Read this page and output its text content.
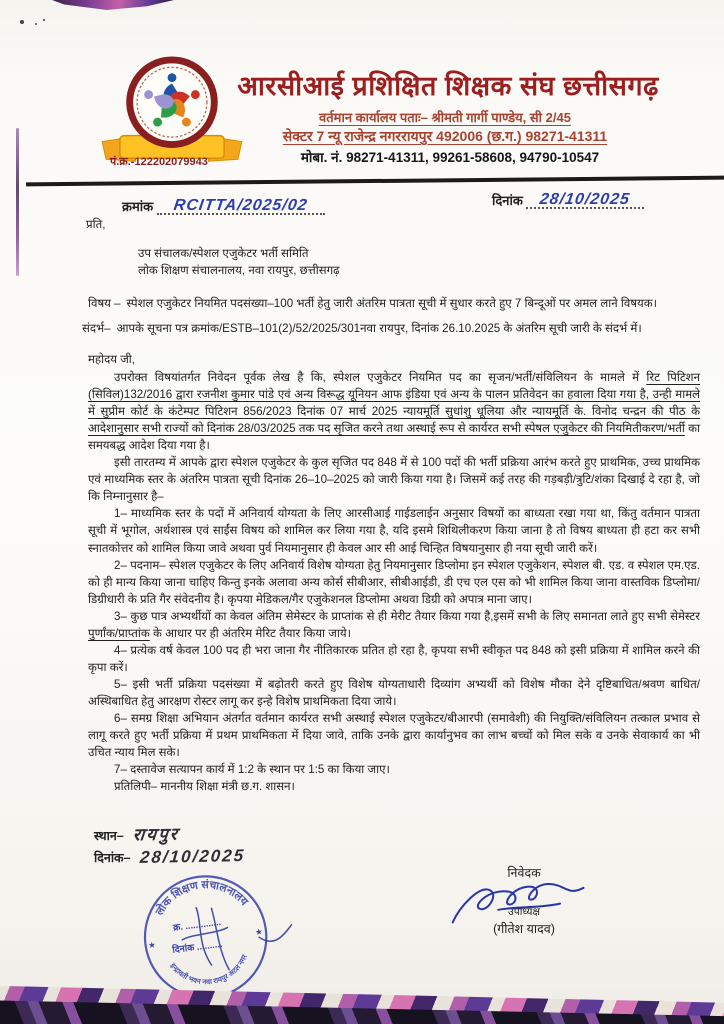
आरसीआई प्रशिक्षित शिक्षक संघ छत्तीसगढ़
वर्तमान कार्यालय पताः– श्रीमती गार्गी पाण्डेय, सी 2/45
सेक्टर 7 न्यू राजेन्द्र नगररायपुर 492006 (छ.ग.) 98271-41311
पं.क्र.-122202079943	मोबा. नं. 98271-41311, 99261-58608, 94790-10547
क्रमांक RCITTA/2025/02	दिनांक 28/10/2025
प्रति,
उप संचालक/स्पेशल एजुकेटर भर्ती समिति
लोक शिक्षण संचालनालय, नवा रायपुर, छत्तीसगढ़
विषय – स्पेशल एजुकेटर नियमित पदसंख्या–100 भर्ती हेतु जारी अंतरिम पात्रता सूची में सुधार करते हुए 7 बिन्दूओं पर अमल लाने विषयक।
संदर्भ– आपके सूचना पत्र क्रमांक/ESTB–101(2)/52/2025/301नवा रायपुर, दिनांक 26.10.2025 के अंतरिम सूची जारी के संदर्भ में।
महोदय जी,

उपरोक्त विषयांतर्गत निवेदन पूर्वक लेख है कि, स्पेशल एजुकेटर नियमित पद का सृजन/भर्ती/संविलियन के मामले में रिट पिटिशन (सिविल)132/2016 द्वारा रजनीश कुमार पांडे एवं अन्य विरूद्ध यूनियन आफ इंडिया एवं अन्य के पालन प्रतिवेदन का हवाला दिया गया है, उन्ही मामले में सुप्रीम कोर्ट के कंटेम्पट पिटिशन 856/2023 दिनांक 07 मार्च 2025 न्यायमूर्ति सुधांशु धूलिया और न्यायमूर्ति के. विनोद चन्द्रन की पीठ के आदेशानुसार सभी राज्यों को दिनांक 28/03/2025 तक पद सृजित करने तथा अस्थाई रूप से कार्यरत सभी स्पेषल एजुकेटर की नियमितीकरण/भर्ती का समयबद्ध आदेश दिया गया है।

इसी तारतम्य में आपके द्वारा स्पेशल एजुकेटर के कुल सृजित पद 848 में से 100 पदों की भर्ती प्रक्रिया आरंभ करते हुए प्राथमिक, उच्च प्राथमिक एवं माध्यमिक स्तर के अंतरिम पात्रता सूची दिनांक 26–10–2025 को जारी किया गया है। जिसमें कई तरह की गड़बड़ी/त्रुटि/शंका दिखाई दे रहा है, जो कि निम्नानुसार है–

1– माध्यमिक स्तर के पदों में अनिवार्य योग्यता के लिए आरसीआई गाईडलाईन अनुसार विषयों का बाध्यता रखा गया था, किंतु वर्तमान पात्रता सूची में भूगोल, अर्थशास्त्र एवं साईंस विषय को शामिल कर लिया गया है, यदि इसमे शिथिलीकरण किया जाना है तो विषय बाध्यता ही हटा कर सभी स्नातकोत्तर को शामिल किया जावे अथवा पुर्व नियमानुसार ही केवल आर सी आई चिन्हित विषयानुसार ही नया सूची जारी करें।

2– पदनाम– स्पेशल एजुकेटर के लिए अनिवार्य विशेष योग्यता हेतु नियमानुसार डिप्लोमा इन स्पेशल एजुकेशन, स्पेशल बी. एड. व स्पेशल एम.एड. को ही मान्य किया जाना चाहिए किन्तु इनके अलावा अन्य कोर्स सीबीआर, सीबीआईडी, डी एच एल एस को भी शामिल किया जाना वास्तविक डिप्लोमा/डिग्रीधारी के प्रति गैर संवेदनीय है। कृपया मेडिकल/गैर एजुकेशनल डिप्लोमा अथवा डिग्री को अपात्र माना जाए।

3– कुछ पात्र अभ्यर्थीयों का केवल अंतिम सेमेस्टर के प्राप्तांक से ही मेरीट तैयार किया गया है,इसमें सभी के लिए समानता लाते हुए सभी सेमेस्टर पुर्णांक/प्राप्तांक के आधार पर ही अंतरिम मेरिट तैयार किया जाये।

4– प्रत्येक वर्ष केवल 100 पद ही भरा जाना गैर नीतिकारक प्रतित हो रहा है, कृपया सभी स्वीकृत पद 848 को इसी प्रक्रिया में शामिल करने की कृपा करें।

5– इसी भर्ती प्रक्रिया पदसंख्या में बढ़ोतरी करते हुए विशेष योग्यताधारी दिव्यांग अभ्यर्थी को विशेष मौका देने दृष्टिबाधित/श्रवण बाधित/अस्थिबाधित हेतु आरक्षण रोस्टर लागू कर इन्हे विशेष प्राथमिकता दिया जाये।

6– समग्र शिक्षा अभियान अंतर्गत वर्तमान कार्यरत सभी अस्थाई स्पेशल एजुकेटर/बीआरपी (समावेशी) की नियुक्ति/संविलियन तत्काल प्रभाव से लागू करते हुए भर्ती प्रक्रिया में प्रथम प्राथमिकता में दिया जावे, ताकि उनके द्वारा कार्यानुभव का लाभ बच्चों को मिल सके व उनके सेवाकार्य का भी उचित न्याय मिल सके।

7– दस्तावेज सत्यापन कार्य में 1:2 के स्थान पर 1:5 का किया जाए।

प्रतिलिपी– माननीय शिक्षा मंत्री छ.ग. शासन।

स्थान– रायपुर
दिनांक– 28/10/2025
निवेदक
उपाध्यक्ष
(गीतेश यादव)
लोक शिक्षण संचालनालय
इन्द्रावती भवन नवा रायपुर अटल नगर
★
★
क्र. ..............
दिनांक ..........
